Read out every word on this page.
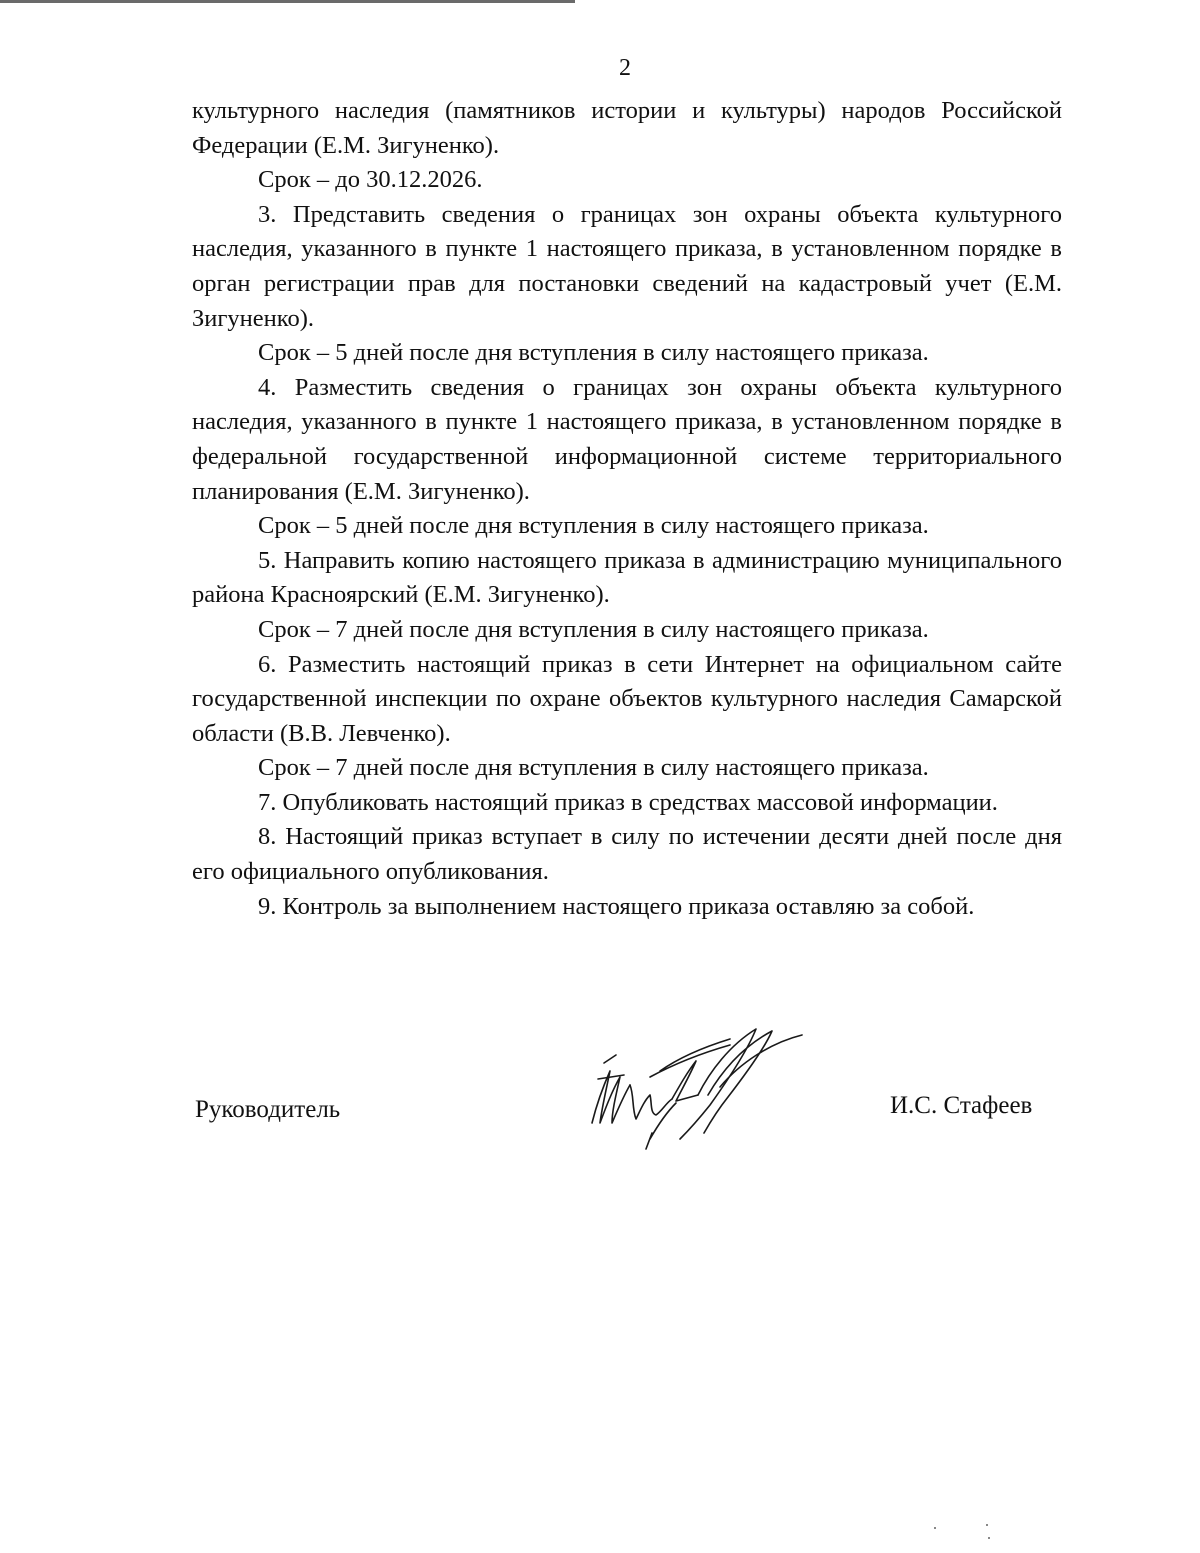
2

культурного наследия (памятников истории и культуры) народов Российской Федерации (Е.М. Зигуненко).

Срок – до 30.12.2026.

3. Представить сведения о границах зон охраны объекта культурного наследия, указанного в пункте 1 настоящего приказа, в установленном порядке в орган регистрации прав для постановки сведений на кадастровый учет (Е.М. Зигуненко).

Срок – 5 дней после дня вступления в силу настоящего приказа.

4. Разместить сведения о границах зон охраны объекта культурного наследия, указанного в пункте 1 настоящего приказа, в установленном порядке в федеральной государственной информационной системе территориального планирования (Е.М. Зигуненко).

Срок – 5 дней после дня вступления в силу настоящего приказа.

5. Направить копию настоящего приказа в администрацию муниципального района Красноярский (Е.М. Зигуненко).

Срок – 7 дней после дня вступления в силу настоящего приказа.

6. Разместить настоящий приказ в сети Интернет на официальном сайте государственной инспекции по охране объектов культурного наследия Самарской области (В.В. Левченко).

Срок – 7 дней после дня вступления в силу настоящего приказа.

7. Опубликовать настоящий приказ в средствах массовой информации.

8. Настоящий приказ вступает в силу по истечении десяти дней после дня его официального опубликования.

9. Контроль за выполнением настоящего приказа оставляю за собой.

Руководитель	И.С. Стафеев
